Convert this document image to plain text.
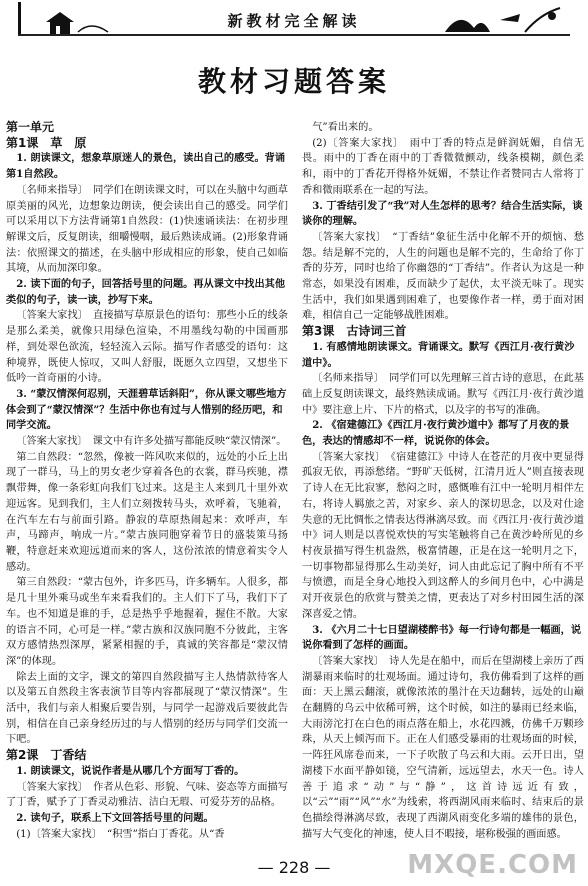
新教材完全解读
教材习题答案
第一单元
第1课　草　原
1. 朗读课文，想象草原迷人的景色，读出自己的感受。背诵第1自然段。
〔名师来指导〕　同学们在朗读课文时，可以在头脑中勾画草原美丽的风光，边想象边朗读，便会读出自己的感受。同学们可以采用以下方法背诵第1自然段：(1)快速诵读法：在初步理解课文后，反复朗读，细嚼慢咽，最后熟读成诵。(2)形象背诵法：依照课文的描述，在头脑中形成相应的形象，使自己如临其境，从而加深印象。
2. 读下面的句子，回答括号里的问题。再从课文中找出其他类似的句子，读一读，抄写下来。
〔答案大家找〕　直接描写草原景色的语句：那些小丘的线条是那么柔美，就像只用绿色渲染，不用墨线勾勒的中国画那样，到处翠色欲流，轻轻流入云际。描写作者感受的语句：这种境界，既使人惊叹，又叫人舒服，既愿久立四望，又想坐下低吟一首奇丽的小诗。
3. “蒙汉情深何忍别，天涯碧草话斜阳”，你从课文哪些地方体会到了“蒙汉情深”？生活中你也有过与人惜别的经历吧，和同学交流。
〔答案大家找〕　课文中有许多处描写都能反映“蒙汉情深”。
第二自然段：“忽然，像被一阵风吹来似的，远处的小丘上出现了一群马，马上的男女老少穿着各色的衣裳，群马疾驰，襟飘带舞，像一条彩虹向我们飞过来。这是主人来到几十里外欢迎远客。见到我们，主人们立刻拨转马头，欢呼着，飞驰着，在汽车左右与前面引路。静寂的草原热闹起来：欢呼声，车声，马蹄声，响成一片。”蒙古族同胞穿着节日的盛装策马扬鞭，特意赶来欢迎远道而来的客人，这份浓浓的情意着实令人感动。
第三自然段：“蒙古包外，许多匹马，许多辆车。人很多，都是几十里外乘马或坐车来看我们的。主人们下了马，我们下了车。也不知道是谁的手，总是热乎乎地握着，握住不散。大家的语言不同，心可是一样。”蒙古族和汉族同胞不分彼此，主客双方感情热烈深厚，紧紧相握的手，真诚的笑容都是“蒙汉情深”的体现。
除去上面的文字，课文的第四自然段描写主人热情款待客人以及第五自然段主客表演节目等内容都展现了“蒙汉情深”。生活中，我们与亲人相聚后要告别，与同学一起游戏后要彼此告别，相信在自己亲身经历过的与人惜别的经历与同学们交流一下吧。
第2课　丁香结
1. 朗读课文，说说作者是从哪几个方面写丁香的。
〔答案大家找〕　作者从色彩、形貌、气味、姿态等方面描写了丁香，赋予了丁香灵动雅洁、洁白无瑕、可爱芬芳的品格。
2. 读句子，联系上下文回答括号里的问题。
(1)〔答案大家找〕　“积雪”指白丁香花。从“香
气”看出来的。
(2)〔答案大家找〕　雨中丁香的特点是鲜润妩媚，自信无畏。雨中的丁香在雨中的丁香微微颤动，线条模糊，颜色柔和，雨中的丁香花开得格外妩媚，不禁让作者赞同古人常将丁香和微雨联系在一起的写法。
3. 丁香结引发了“我”对人生怎样的思考？结合生活实际，谈谈你的理解。
〔答案大家找〕　“丁香结”象征生活中化解不开的烦恼、愁怨。结是解不完的，人生的问题也是解不完的，生命给了你丁香的芬芳，同时也给了你幽怨的“丁香结”。作者认为这是一种常态，如果没有困难，反而缺少了起伏，太平淡无味了。现实生活中，我们如果遇到困难了，也要像作者一样，勇于面对困难，相信自己一定能够战胜困难。
第3课　古诗词三首
1. 有感情地朗读课文。背诵课文。默写《西江月·夜行黄沙道中》。
〔名师来指导〕　同学们可以先理解三首古诗的意思，在此基础上反复朗读课文，最终熟读成诵。默写《西江月·夜行黄沙道中》要注意上片、下片的格式，以及字的书写的准确。
2. 《宿建德江》《西江月·夜行黄沙道中》都写了月夜的景色，表达的情感却不一样，说说你的体会。
〔答案大家找〕　《宿建德江》中诗人在苍茫的月夜中更显得孤寂无依，再添愁绪。“野旷天低树，江清月近人”则直接表现了诗人在无比寂寥，愁闷之时，感慨唯有江中一轮明月相伴左右，将诗人羁旅之苦，对家乡、亲人的深切思念，以及对仕途失意的无比惆怅之情表达得淋漓尽致。而《西江月·夜行黄沙道中》词人则是以喜悦欢快的写实笔触将自己在黄沙岭所见的乡村夜景描写得生机盎然，极富情趣，正是在这一轮明月之下，一切事物都显得那么生动美好，词人由此忘记了胸中所有不平与愤懑，而是全身心地投入到这醉人的乡间月色中，心中满是对开夜景色的欣赏与赞美之情，更表达了对乡村田园生活的深深喜爱之情。
3. 《六月二十七日望湖楼醉书》每一行诗句都是一幅画，说说你看到了怎样的画面。
〔答案大家找〕　诗人先是在船中，而后在望湖楼上亲历了西湖暴雨来临时的壮观场面。通过诗句，我仿佛看到了这样的画面：天上黑云翻滚，就像浓浓的墨汁在天边翻转，远处的山巅在翻腾的乌云中依稀可辨，这个时候，如注的暴雨已经来临，大雨滂沱打在白色的雨点落在船上，水花四溅，仿佛千万颗珍珠，从天上倾泻而下。正在人们感受暴雨的壮观场面的时候，一阵狂风席卷而来，一下子吹散了乌云和大雨。云开日出，望湖楼下水面平静如镜，空气清新，远远望去，水天一色。诗人善于追求“动”与“静”，这首诗远近有致，以“云”“雨”“风”“水”为线索，将西湖风雨来临时、结束后的景色描绘得淋漓尽致，表现了西湖风雨变化多端的雄伟的景色，描写大气变化的神速，使人目不暇接，堪称极强的画面感。
— 228 —	MXQE.COM
